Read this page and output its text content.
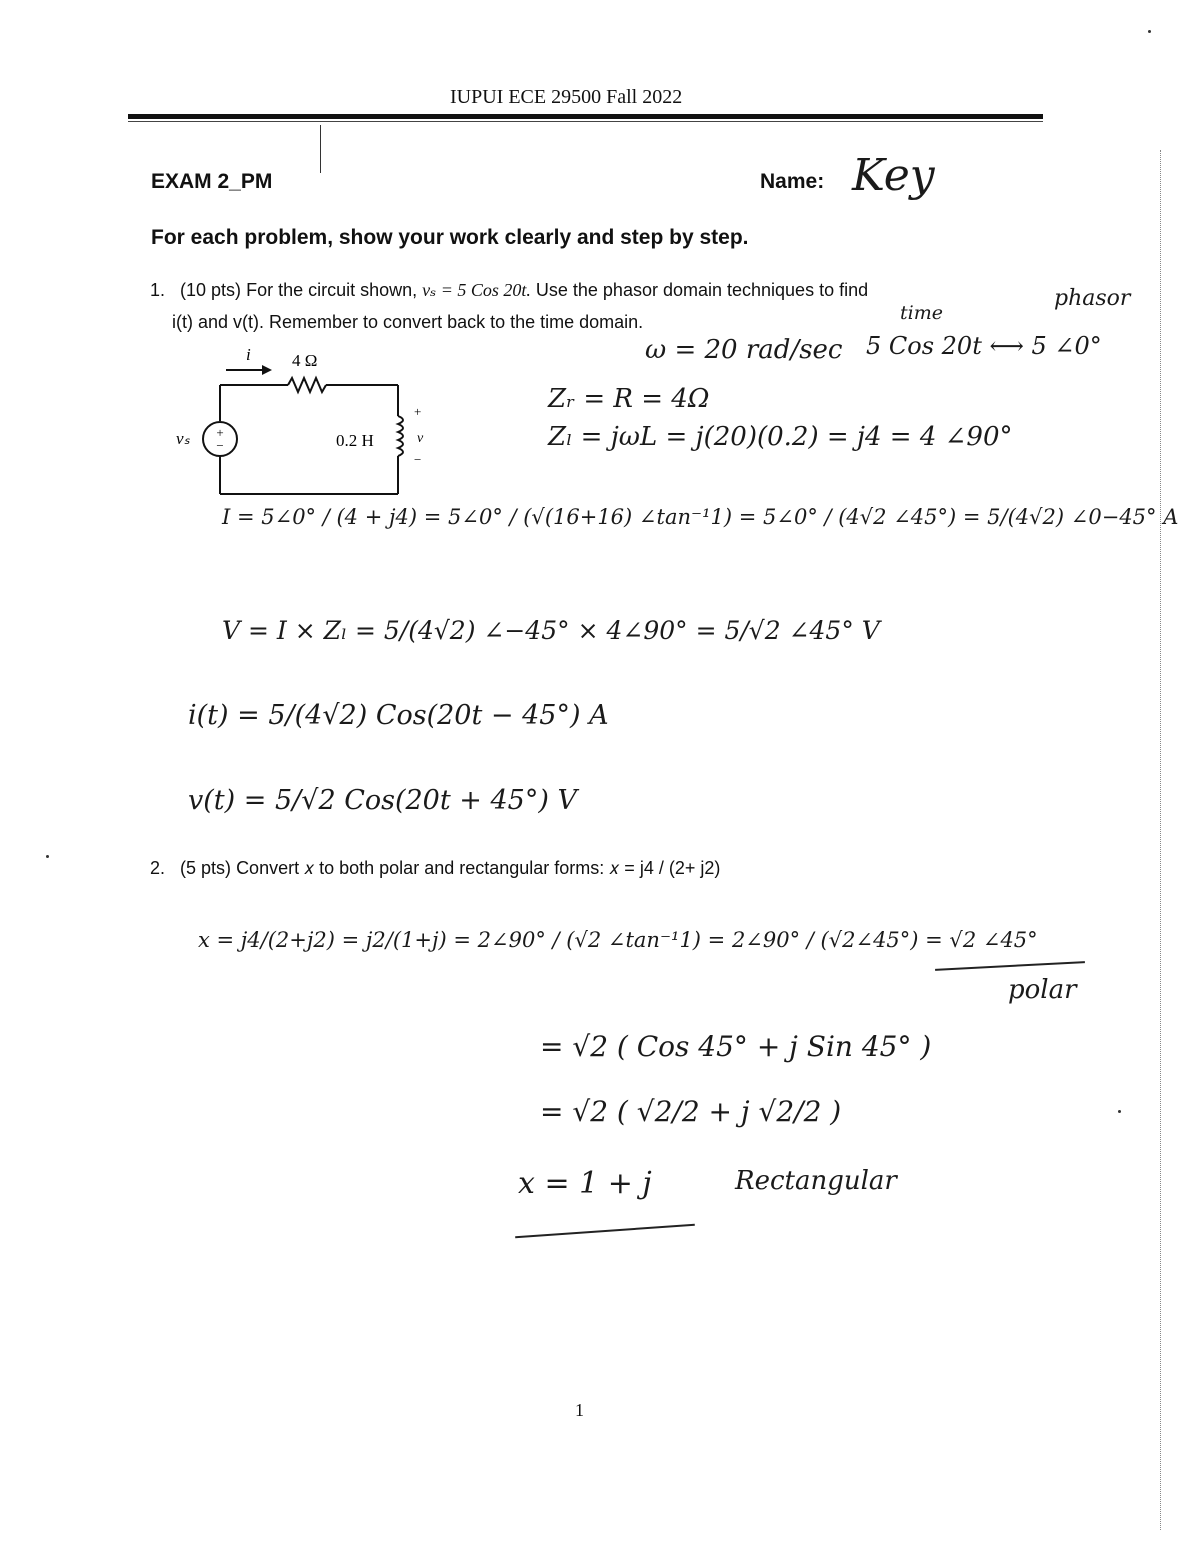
IUPUI ECE 29500 Fall 2022
EXAM 2_PM	Name: Key
For each problem, show your work clearly and step by step.
1. (10 pts) For the circuit shown, vₛ = 5 Cos 20t. Use the phasor domain techniques to find
i(t) and v(t). Remember to convert back to the time domain.
+
−
i 4 Ω
0.2 H
vₛ
+
v
−
phasor
time
ω = 20 rad/sec 5 Cos 20t ⟷ 5 ∠0°
Zᵣ = R = 4Ω
Zₗ = jωL = j(20)(0.2) = j4 = 4 ∠90°
I = 5∠0° / (4 + j4) = 5∠0° / (√(16+16) ∠tan⁻¹1) = 5∠0° / (4√2 ∠45°) = 5/(4√2) ∠0−45° A
V = I × Zₗ = 5/(4√2) ∠−45° × 4∠90° = 5/√2 ∠45° V
i(t) = 5/(4√2) Cos(20t − 45°) A
v(t) = 5/√2 Cos(20t + 45°) V
2. (5 pts) Convert 𝑥 to both polar and rectangular forms: 𝑥 = j4 / (2+ j2)
x = j4/(2+j2) = j2/(1+j) = 2∠90° / (√2 ∠tan⁻¹1) = 2∠90° / (√2∠45°) = √2 ∠45°
polar
= √2 ( Cos 45° + j Sin 45° )
= √2 ( √2/2 + j √2/2 )
x = 1 + j	Rectangular
1
